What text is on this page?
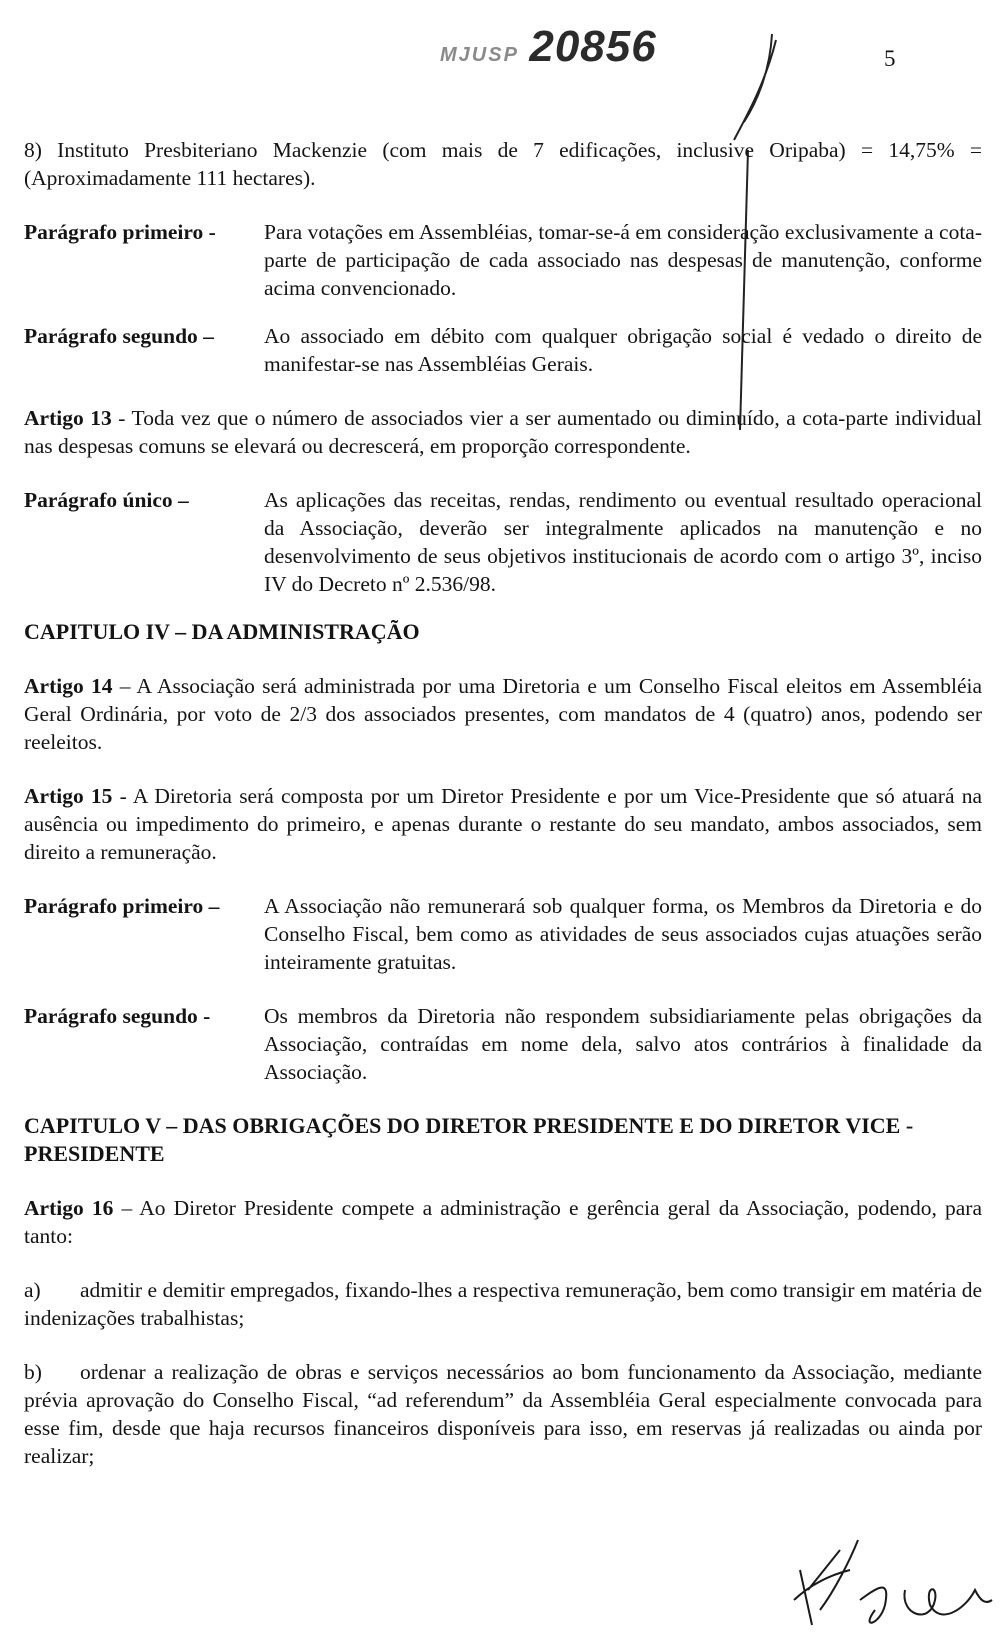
MJUSP 20856	5

8) Instituto Presbiteriano Mackenzie (com mais de 7 edificações, inclusive Oripaba) = 14,75% = (Aproximadamente 111 hectares).

Parágrafo primeiro -	Para votações em Assembléias, tomar-se-á em consideração exclusivamente a cota-parte de participação de cada associado nas despesas de manutenção, conforme acima convencionado.
Parágrafo segundo –	Ao associado em débito com qualquer obrigação social é vedado o direito de manifestar-se nas Assembléias Gerais.

Artigo 13 - Toda vez que o número de associados vier a ser aumentado ou diminuído, a cota-parte individual nas despesas comuns se elevará ou decrescerá, em proporção correspondente.

Parágrafo único –	As aplicações das receitas, rendas, rendimento ou eventual resultado operacional da Associação, deverão ser integralmente aplicados na manutenção e no desenvolvimento de seus objetivos institucionais de acordo com o artigo 3º, inciso IV do Decreto nº 2.536/98.

CAPITULO IV – DA ADMINISTRAÇÃO

Artigo 14 – A Associação será administrada por uma Diretoria e um Conselho Fiscal eleitos em Assembléia Geral Ordinária, por voto de 2/3 dos associados presentes, com mandatos de 4 (quatro) anos, podendo ser reeleitos.

Artigo 15 - A Diretoria será composta por um Diretor Presidente e por um Vice-Presidente que só atuará na ausência ou impedimento do primeiro, e apenas durante o restante do seu mandato, ambos associados, sem direito a remuneração.

Parágrafo primeiro –	A Associação não remunerará sob qualquer forma, os Membros da Diretoria e do Conselho Fiscal, bem como as atividades de seus associados cujas atuações serão inteiramente gratuitas.
Parágrafo segundo -	Os membros da Diretoria não respondem subsidiariamente pelas obrigações da Associação, contraídas em nome dela, salvo atos contrários à finalidade da Associação.

CAPITULO V – DAS OBRIGAÇÕES DO DIRETOR PRESIDENTE E DO DIRETOR VICE - PRESIDENTE

Artigo 16 – Ao Diretor Presidente compete a administração e gerência geral da Associação, podendo, para tanto:

a) admitir e demitir empregados, fixando-lhes a respectiva remuneração, bem como transigir em matéria de indenizações trabalhistas;

b) ordenar a realização de obras e serviços necessários ao bom funcionamento da Associação, mediante prévia aprovação do Conselho Fiscal, “ad referendum” da Assembléia Geral especialmente convocada para esse fim, desde que haja recursos financeiros disponíveis para isso, em reservas já realizadas ou ainda por realizar;
